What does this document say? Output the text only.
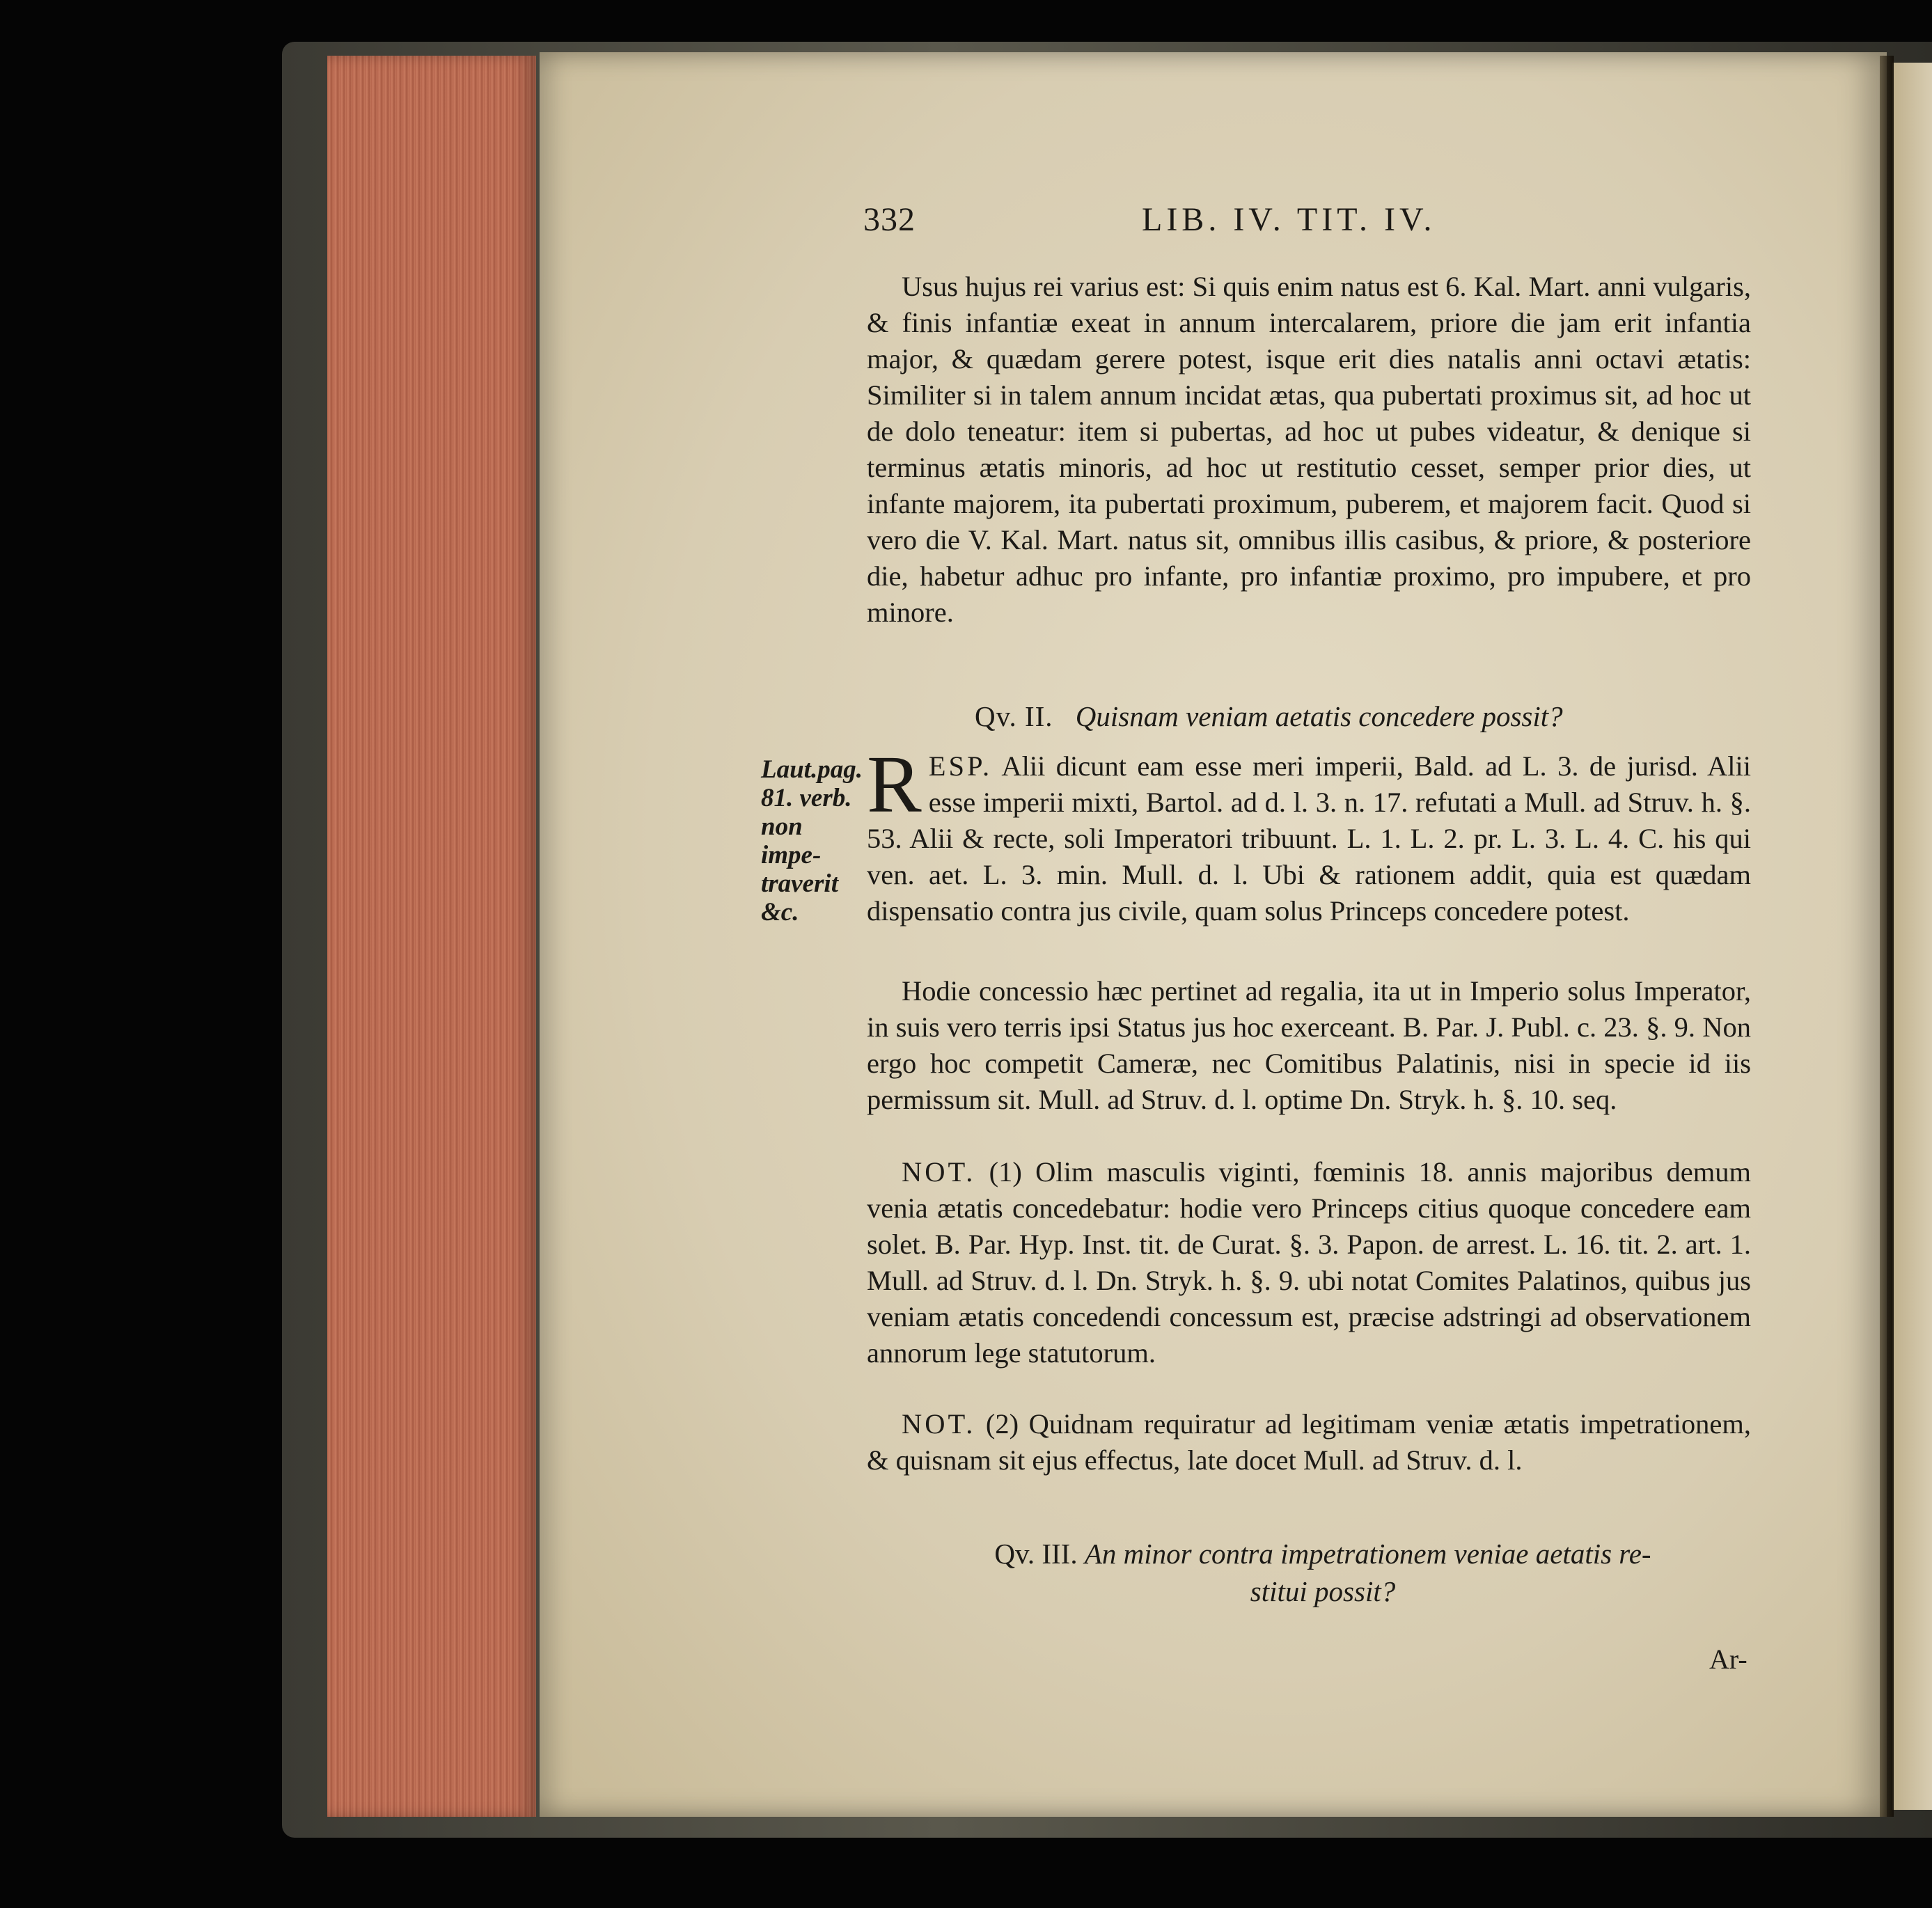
332	LIB. IV. TIT. IV.
Usus hujus rei varius est: Si quis enim natus est 6. Kal. Mart. anni vulgaris, & finis infantiæ exeat in annum intercalarem, priore die jam erit infantia major, & quædam gerere potest, isque erit dies natalis anni octavi ætatis: Similiter si in talem annum incidat ætas, qua pubertati proximus sit, ad hoc ut de dolo teneatur: item si pubertas, ad hoc ut pubes videatur, & denique si terminus ætatis minoris, ad hoc ut restitutio cesset, semper prior dies, ut infante majorem, ita pubertati proximum, puberem, et majorem facit. Quod si vero die V. Kal. Mart. natus sit, omnibus illis casibus, & priore, & posteriore die, habetur adhuc pro infante, pro infantiæ proximo, pro impubere, et pro minore.
Qv. II. Quisnam veniam aetatis concedere possit?
Laut.pag.
81. verb.
non impe-
traverit
&c.
R ESP. Alii dicunt eam esse meri imperii, Bald. ad L. 3. de jurisd. Alii esse imperii mixti, Bartol. ad d. l. 3. n. 17. refutati a Mull. ad Struv. h. §. 53. Alii & recte, soli Imperatori tribuunt. L. 1. L. 2. pr. L. 3. L. 4. C. his qui ven. aet. L. 3. min. Mull. d. l. Ubi & rationem addit, quia est quædam dispensatio contra jus civile, quam solus Princeps concedere potest.
Hodie concessio hæc pertinet ad regalia, ita ut in Imperio solus Imperator, in suis vero terris ipsi Status jus hoc exerceant. B. Par. J. Publ. c. 23. §. 9. Non ergo hoc competit Cameræ, nec Comitibus Palatinis, nisi in specie id iis permissum sit. Mull. ad Struv. d. l. optime Dn. Stryk. h. §. 10. seq.
NOT. (1) Olim masculis viginti, fœminis 18. annis majoribus demum venia ætatis concedebatur: hodie vero Princeps citius quoque concedere eam solet. B. Par. Hyp. Inst. tit. de Curat. §. 3. Papon. de arrest. L. 16. tit. 2. art. 1. Mull. ad Struv. d. l. Dn. Stryk. h. §. 9. ubi notat Comites Palatinos, quibus jus veniam ætatis concedendi concessum est, præcise adstringi ad observationem annorum lege statutorum.
NOT. (2) Quidnam requiratur ad legitimam veniæ ætatis impetrationem, & quisnam sit ejus effectus, late docet Mull. ad Struv. d. l.
Qv. III. An minor contra impetrationem veniae aetatis re-
stitui possit?
Ar-
